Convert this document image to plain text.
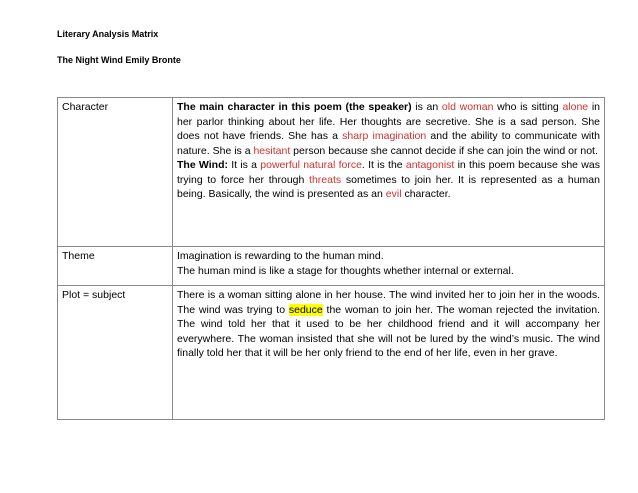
Literary Analysis Matrix
The Night Wind Emily Bronte
Character	The main character in this poem (the speaker) is an old woman who is sitting alone in her parlor thinking about her life. Her thoughts are secretive. She is a sad person. She does not have friends. She has a sharp imagination and the ability to communicate with nature. She is a hesitant person because she cannot decide if she can join the wind or not.
The Wind: It is a powerful natural force. It is the antagonist in this poem because she was trying to force her through threats sometimes to join her. It is represented as a human being. Basically, the wind is presented as an evil character.

Theme	Imagination is rewarding to the human mind.
The human mind is like a stage for thoughts whether internal or external.

Plot = subject	There is a woman sitting alone in her house. The wind invited her to join her in the woods. The wind was trying to seduce the woman to join her. The woman rejected the invitation. The wind told her that it used to be her childhood friend and it will accompany her everywhere. The woman insisted that she will not be lured by the wind’s music. The wind finally told her that it will be her only friend to the end of her life, even in her grave.
